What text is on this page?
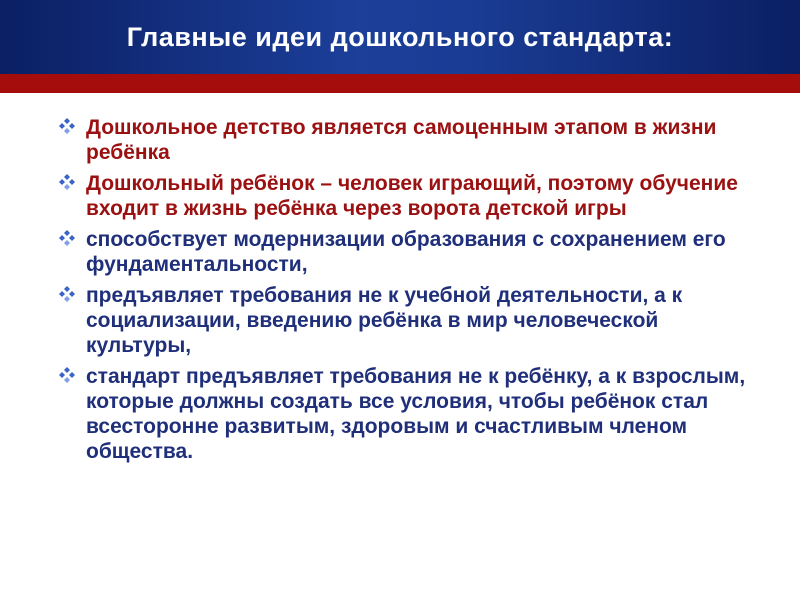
Главные идеи дошкольного стандарта:
Дошкольное детство является самоценным этапом в жизни ребёнка
Дошкольный ребёнок – человек играющий, поэтому обучение входит в жизнь ребёнка через ворота детской игры
способствует модернизации образования с сохранением его фундаментальности,
предъявляет требования не к учебной деятельности, а к социализации, введению ребёнка в мир человеческой культуры,
стандарт предъявляет требования не к ребёнку, а к взрослым, которые должны создать все условия, чтобы ребёнок стал всесторонне развитым, здоровым и счастливым членом общества.
